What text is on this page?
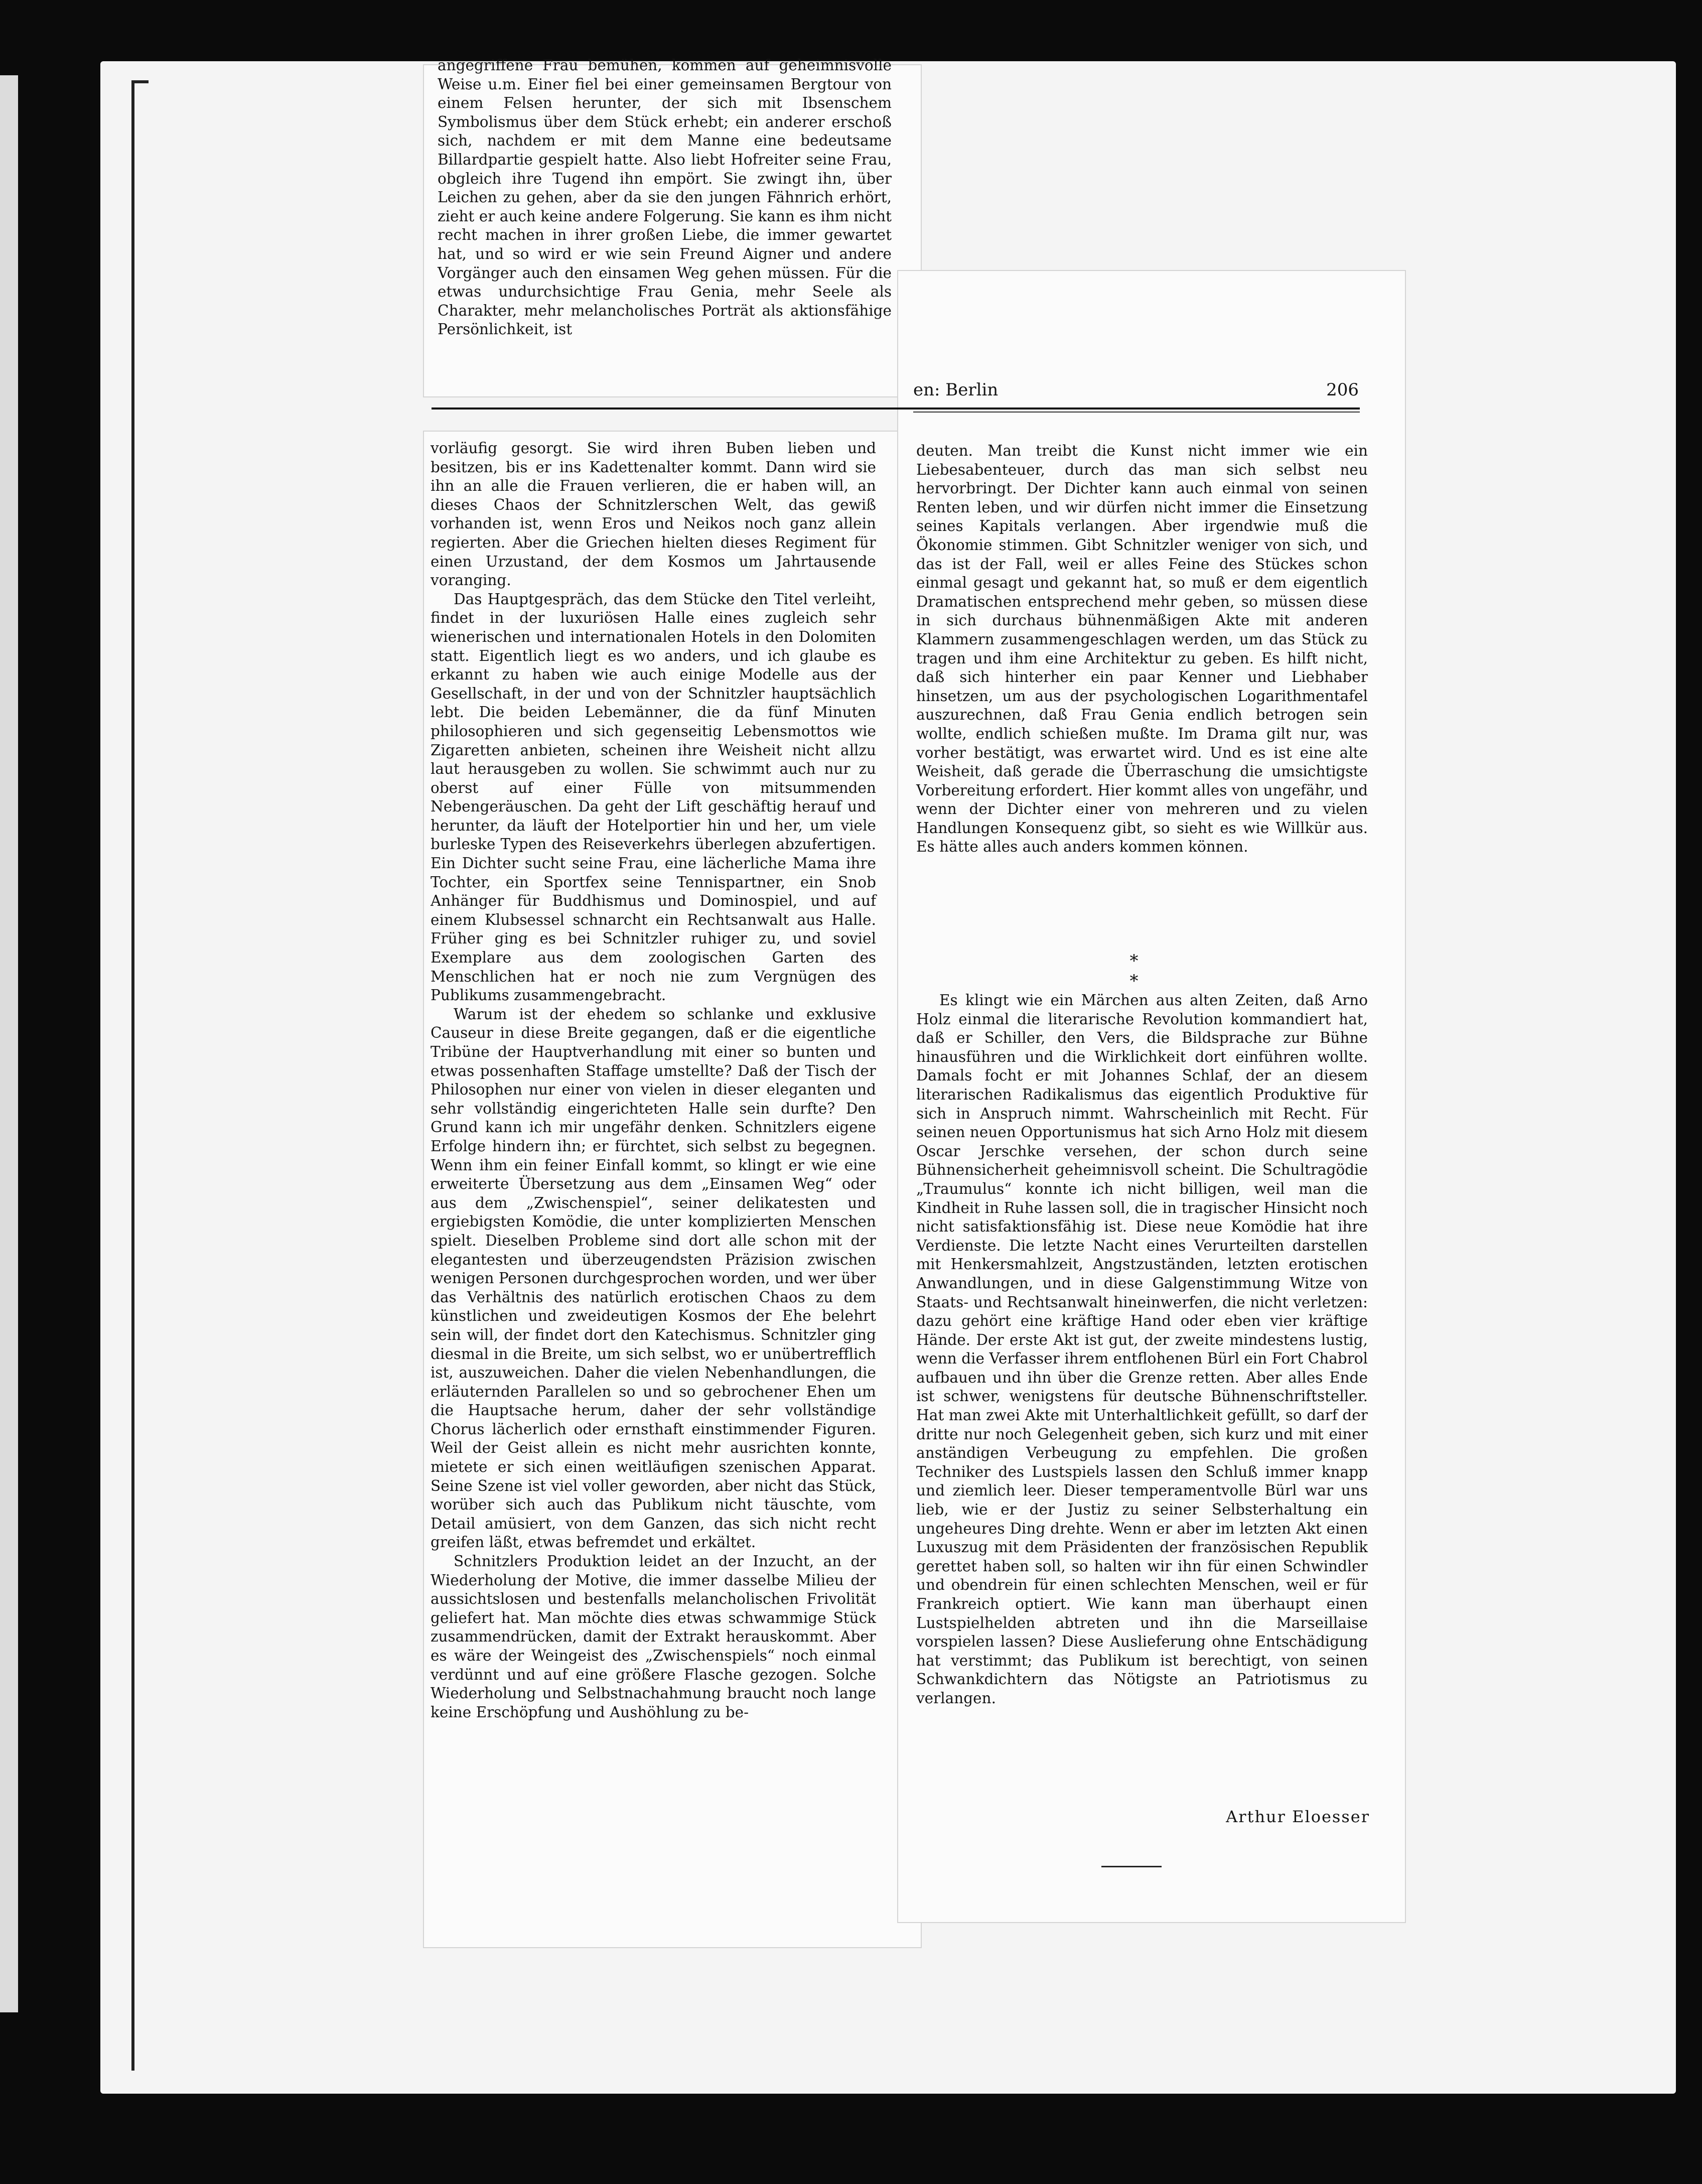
angegriffene Frau bemühen, kommen auf geheimnisvolle Weise u.m. Einer fiel bei einer gemeinsamen Bergtour von einem Felsen herunter, der sich mit Ibsenschem Symbolismus über dem Stück erhebt; ein anderer erschoß sich, nachdem er mit dem Manne eine bedeutsame Billardpartie gespielt hatte. Also liebt Hofreiter seine Frau, obgleich ihre Tugend ihn empört. Sie zwingt ihn, über Leichen zu gehen, aber da sie den jungen Fähnrich erhört, zieht er auch keine andere Folgerung. Sie kann es ihm nicht recht machen in ihrer großen Liebe, die immer gewartet hat, und so wird er wie sein Freund Aigner und andere Vorgänger auch den einsamen Weg gehen müssen. Für die etwas undurchsichtige Frau Genia, mehr Seele als Charakter, mehr melancholisches Porträt als aktionsfähige Persönlichkeit, ist

en: Berlin	206

vorläufig gesorgt. Sie wird ihren Buben lieben und besitzen, bis er ins Kadettenalter kommt. Dann wird sie ihn an alle die Frauen verlieren, die er haben will, an dieses Chaos der Schnitzlerschen Welt, das gewiß vorhanden ist, wenn Eros und Neikos noch ganz allein regierten. Aber die Griechen hielten dieses Regiment für einen Urzustand, der dem Kosmos um Jahrtausende voranging.

Das Hauptgespräch, das dem Stücke den Titel verleiht, findet in der luxuriösen Halle eines zugleich sehr wienerischen und internationalen Hotels in den Dolomiten statt. Eigentlich liegt es wo anders, und ich glaube es erkannt zu haben wie auch einige Modelle aus der Gesellschaft, in der und von der Schnitzler hauptsächlich lebt. Die beiden Lebemänner, die da fünf Minuten philosophieren und sich gegenseitig Lebensmottos wie Zigaretten anbieten, scheinen ihre Weisheit nicht allzu laut herausgeben zu wollen. Sie schwimmt auch nur zu oberst auf einer Fülle von mitsummenden Nebengeräuschen. Da geht der Lift geschäftig herauf und herunter, da läuft der Hotelportier hin und her, um viele burleske Typen des Reiseverkehrs überlegen abzufertigen. Ein Dichter sucht seine Frau, eine lächerliche Mama ihre Tochter, ein Sportfex seine Tennispartner, ein Snob Anhänger für Buddhismus und Dominospiel, und auf einem Klubsessel schnarcht ein Rechtsanwalt aus Halle. Früher ging es bei Schnitzler ruhiger zu, und soviel Exemplare aus dem zoologischen Garten des Menschlichen hat er noch nie zum Vergnügen des Publikums zusammengebracht.

Warum ist der ehedem so schlanke und exklusive Causeur in diese Breite gegangen, daß er die eigentliche Tribüne der Hauptverhandlung mit einer so bunten und etwas possenhaften Staffage umstellte? Daß der Tisch der Philosophen nur einer von vielen in dieser eleganten und sehr vollständig eingerichteten Halle sein durfte? Den Grund kann ich mir ungefähr denken. Schnitzlers eigene Erfolge hindern ihn; er fürchtet, sich selbst zu begegnen. Wenn ihm ein feiner Einfall kommt, so klingt er wie eine erweiterte Übersetzung aus dem „Einsamen Weg“ oder aus dem „Zwischenspiel“, seiner delikatesten und ergiebigsten Komödie, die unter komplizierten Menschen spielt. Dieselben Probleme sind dort alle schon mit der elegantesten und überzeugendsten Präzision zwischen wenigen Personen durchgesprochen worden, und wer über das Verhältnis des natürlich erotischen Chaos zu dem künstlichen und zweideutigen Kosmos der Ehe belehrt sein will, der findet dort den Katechismus. Schnitzler ging diesmal in die Breite, um sich selbst, wo er unübertrefflich ist, auszuweichen. Daher die vielen Nebenhandlungen, die erläuternden Parallelen so und so gebrochener Ehen um die Hauptsache herum, daher der sehr vollständige Chorus lächerlich oder ernsthaft einstimmender Figuren. Weil der Geist allein es nicht mehr ausrichten konnte, mietete er sich einen weitläufigen szenischen Apparat. Seine Szene ist viel voller geworden, aber nicht das Stück, worüber sich auch das Publikum nicht täuschte, vom Detail amüsiert, von dem Ganzen, das sich nicht recht greifen läßt, etwas befremdet und erkältet.

Schnitzlers Produktion leidet an der Inzucht, an der Wiederholung der Motive, die immer dasselbe Milieu der aussichtslosen und bestenfalls melancholischen Frivolität geliefert hat. Man möchte dies etwas schwammige Stück zusammendrücken, damit der Extrakt herauskommt. Aber es wäre der Weingeist des „Zwischenspiels“ noch einmal verdünnt und auf eine größere Flasche gezogen. Solche Wiederholung und Selbstnachahmung braucht noch lange keine Erschöpfung und Aushöhlung zu be-

deuten. Man treibt die Kunst nicht immer wie ein Liebesabenteuer, durch das man sich selbst neu hervorbringt. Der Dichter kann auch einmal von seinen Renten leben, und wir dürfen nicht immer die Einsetzung seines Kapitals verlangen. Aber irgendwie muß die Ökonomie stimmen. Gibt Schnitzler weniger von sich, und das ist der Fall, weil er alles Feine des Stückes schon einmal gesagt und gekannt hat, so muß er dem eigentlich Dramatischen entsprechend mehr geben, so müssen diese in sich durchaus bühnenmäßigen Akte mit anderen Klammern zusammengeschlagen werden, um das Stück zu tragen und ihm eine Architektur zu geben. Es hilft nicht, daß sich hinterher ein paar Kenner und Liebhaber hinsetzen, um aus der psychologischen Logarithmentafel auszurechnen, daß Frau Genia endlich betrogen sein wollte, endlich schießen mußte. Im Drama gilt nur, was vorher bestätigt, was erwartet wird. Und es ist eine alte Weisheit, daß gerade die Überraschung die umsichtigste Vorbereitung erfordert. Hier kommt alles von ungefähr, und wenn der Dichter einer von mehreren und zu vielen Handlungen Konsequenz gibt, so sieht es wie Willkür aus. Es hätte alles auch anders kommen können.

* *

Es klingt wie ein Märchen aus alten Zeiten, daß Arno Holz einmal die literarische Revolution kommandiert hat, daß er Schiller, den Vers, die Bildsprache zur Bühne hinausführen und die Wirklichkeit dort einführen wollte. Damals focht er mit Johannes Schlaf, der an diesem literarischen Radikalismus das eigentlich Produktive für sich in Anspruch nimmt. Wahrscheinlich mit Recht. Für seinen neuen Opportunismus hat sich Arno Holz mit diesem Oscar Jerschke versehen, der schon durch seine Bühnensicherheit geheimnisvoll scheint. Die Schultragödie „Traumulus“ konnte ich nicht billigen, weil man die Kindheit in Ruhe lassen soll, die in tragischer Hinsicht noch nicht satisfaktionsfähig ist. Diese neue Komödie hat ihre Verdienste. Die letzte Nacht eines Verurteilten darstellen mit Henkersmahlzeit, Angstzuständen, letzten erotischen Anwandlungen, und in diese Galgenstimmung Witze von Staats- und Rechtsanwalt hineinwerfen, die nicht verletzen: dazu gehört eine kräftige Hand oder eben vier kräftige Hände. Der erste Akt ist gut, der zweite mindestens lustig, wenn die Verfasser ihrem entflohenen Bürl ein Fort Chabrol aufbauen und ihn über die Grenze retten. Aber alles Ende ist schwer, wenigstens für deutsche Bühnenschriftsteller. Hat man zwei Akte mit Unterhaltlichkeit gefüllt, so darf der dritte nur noch Gelegenheit geben, sich kurz und mit einer anständigen Verbeugung zu empfehlen. Die großen Techniker des Lustspiels lassen den Schluß immer knapp und ziemlich leer. Dieser temperamentvolle Bürl war uns lieb, wie er der Justiz zu seiner Selbsterhaltung ein ungeheures Ding drehte. Wenn er aber im letzten Akt einen Luxuszug mit dem Präsidenten der französischen Republik gerettet haben soll, so halten wir ihn für einen Schwindler und obendrein für einen schlechten Menschen, weil er für Frankreich optiert. Wie kann man überhaupt einen Lustspielhelden abtreten und ihn die Marseillaise vorspielen lassen? Diese Auslieferung ohne Entschädigung hat verstimmt; das Publikum ist berechtigt, von seinen Schwankdichtern das Nötigste an Patriotismus zu verlangen.

Arthur Eloesser
